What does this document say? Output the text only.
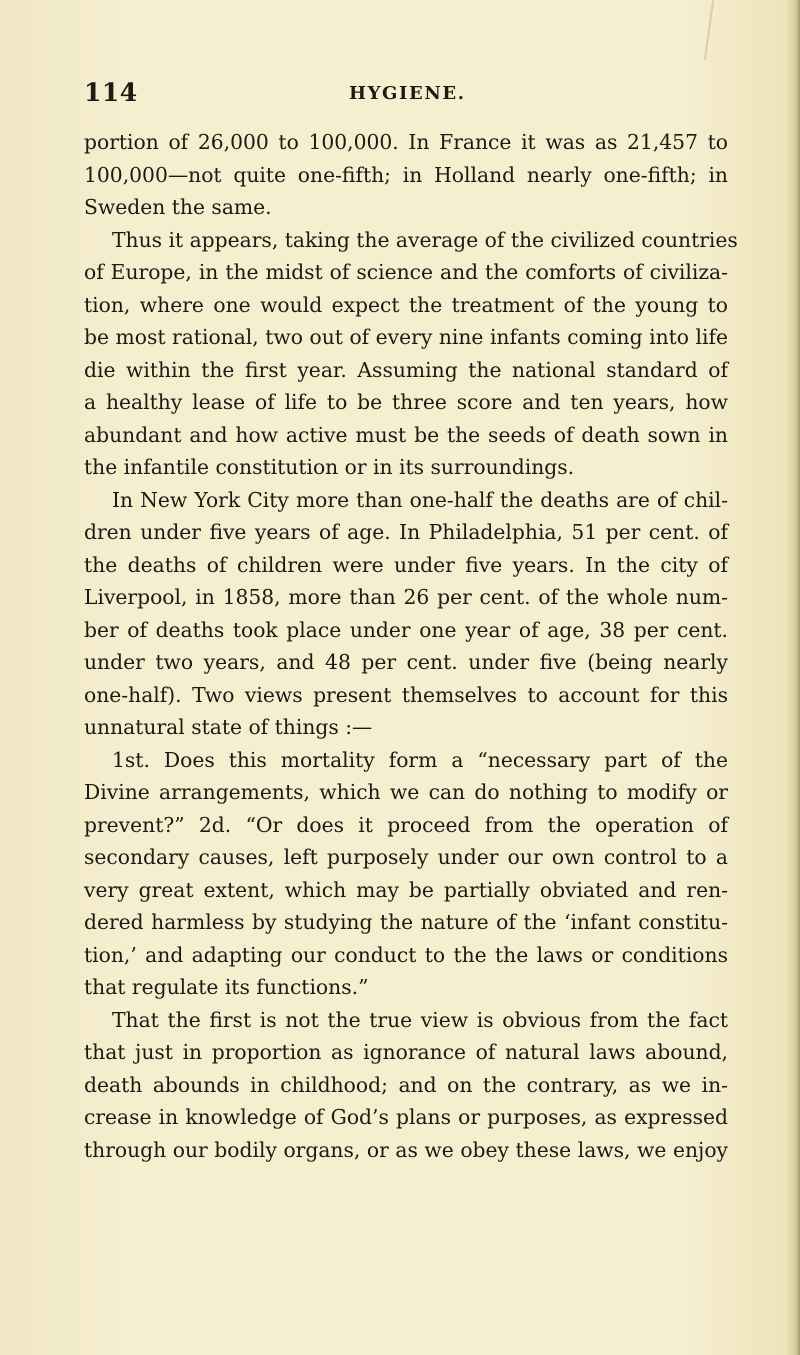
114	HYGIENE.
portion of 26,000 to 100,000. In France it was as 21,457 to
100,000—not quite one-fifth; in Holland nearly one-fifth; in
Sweden the same.
Thus it appears, taking the average of the civilized countries
of Europe, in the midst of science and the comforts of civiliza-
tion, where one would expect the treatment of the young to
be most rational, two out of every nine infants coming into life
die within the first year. Assuming the national standard of
a healthy lease of life to be three score and ten years, how
abundant and how active must be the seeds of death sown in
the infantile constitution or in its surroundings.
In New York City more than one-half the deaths are of chil-
dren under five years of age. In Philadelphia, 51 per cent. of
the deaths of children were under five years. In the city of
Liverpool, in 1858, more than 26 per cent. of the whole num-
ber of deaths took place under one year of age, 38 per cent.
under two years, and 48 per cent. under five (being nearly
one-half). Two views present themselves to account for this
unnatural state of things :—
1st. Does this mortality form a “necessary part of the
Divine arrangements, which we can do nothing to modify or
prevent?” 2d. “Or does it proceed from the operation of
secondary causes, left purposely under our own control to a
very great extent, which may be partially obviated and ren-
dered harmless by studying the nature of the ‘infant constitu-
tion,’ and adapting our conduct to the the laws or conditions
that regulate its functions.”
That the first is not the true view is obvious from the fact
that just in proportion as ignorance of natural laws abound,
death abounds in childhood; and on the contrary, as we in-
crease in knowledge of God’s plans or purposes, as expressed
through our bodily organs, or as we obey these laws, we enjoy
